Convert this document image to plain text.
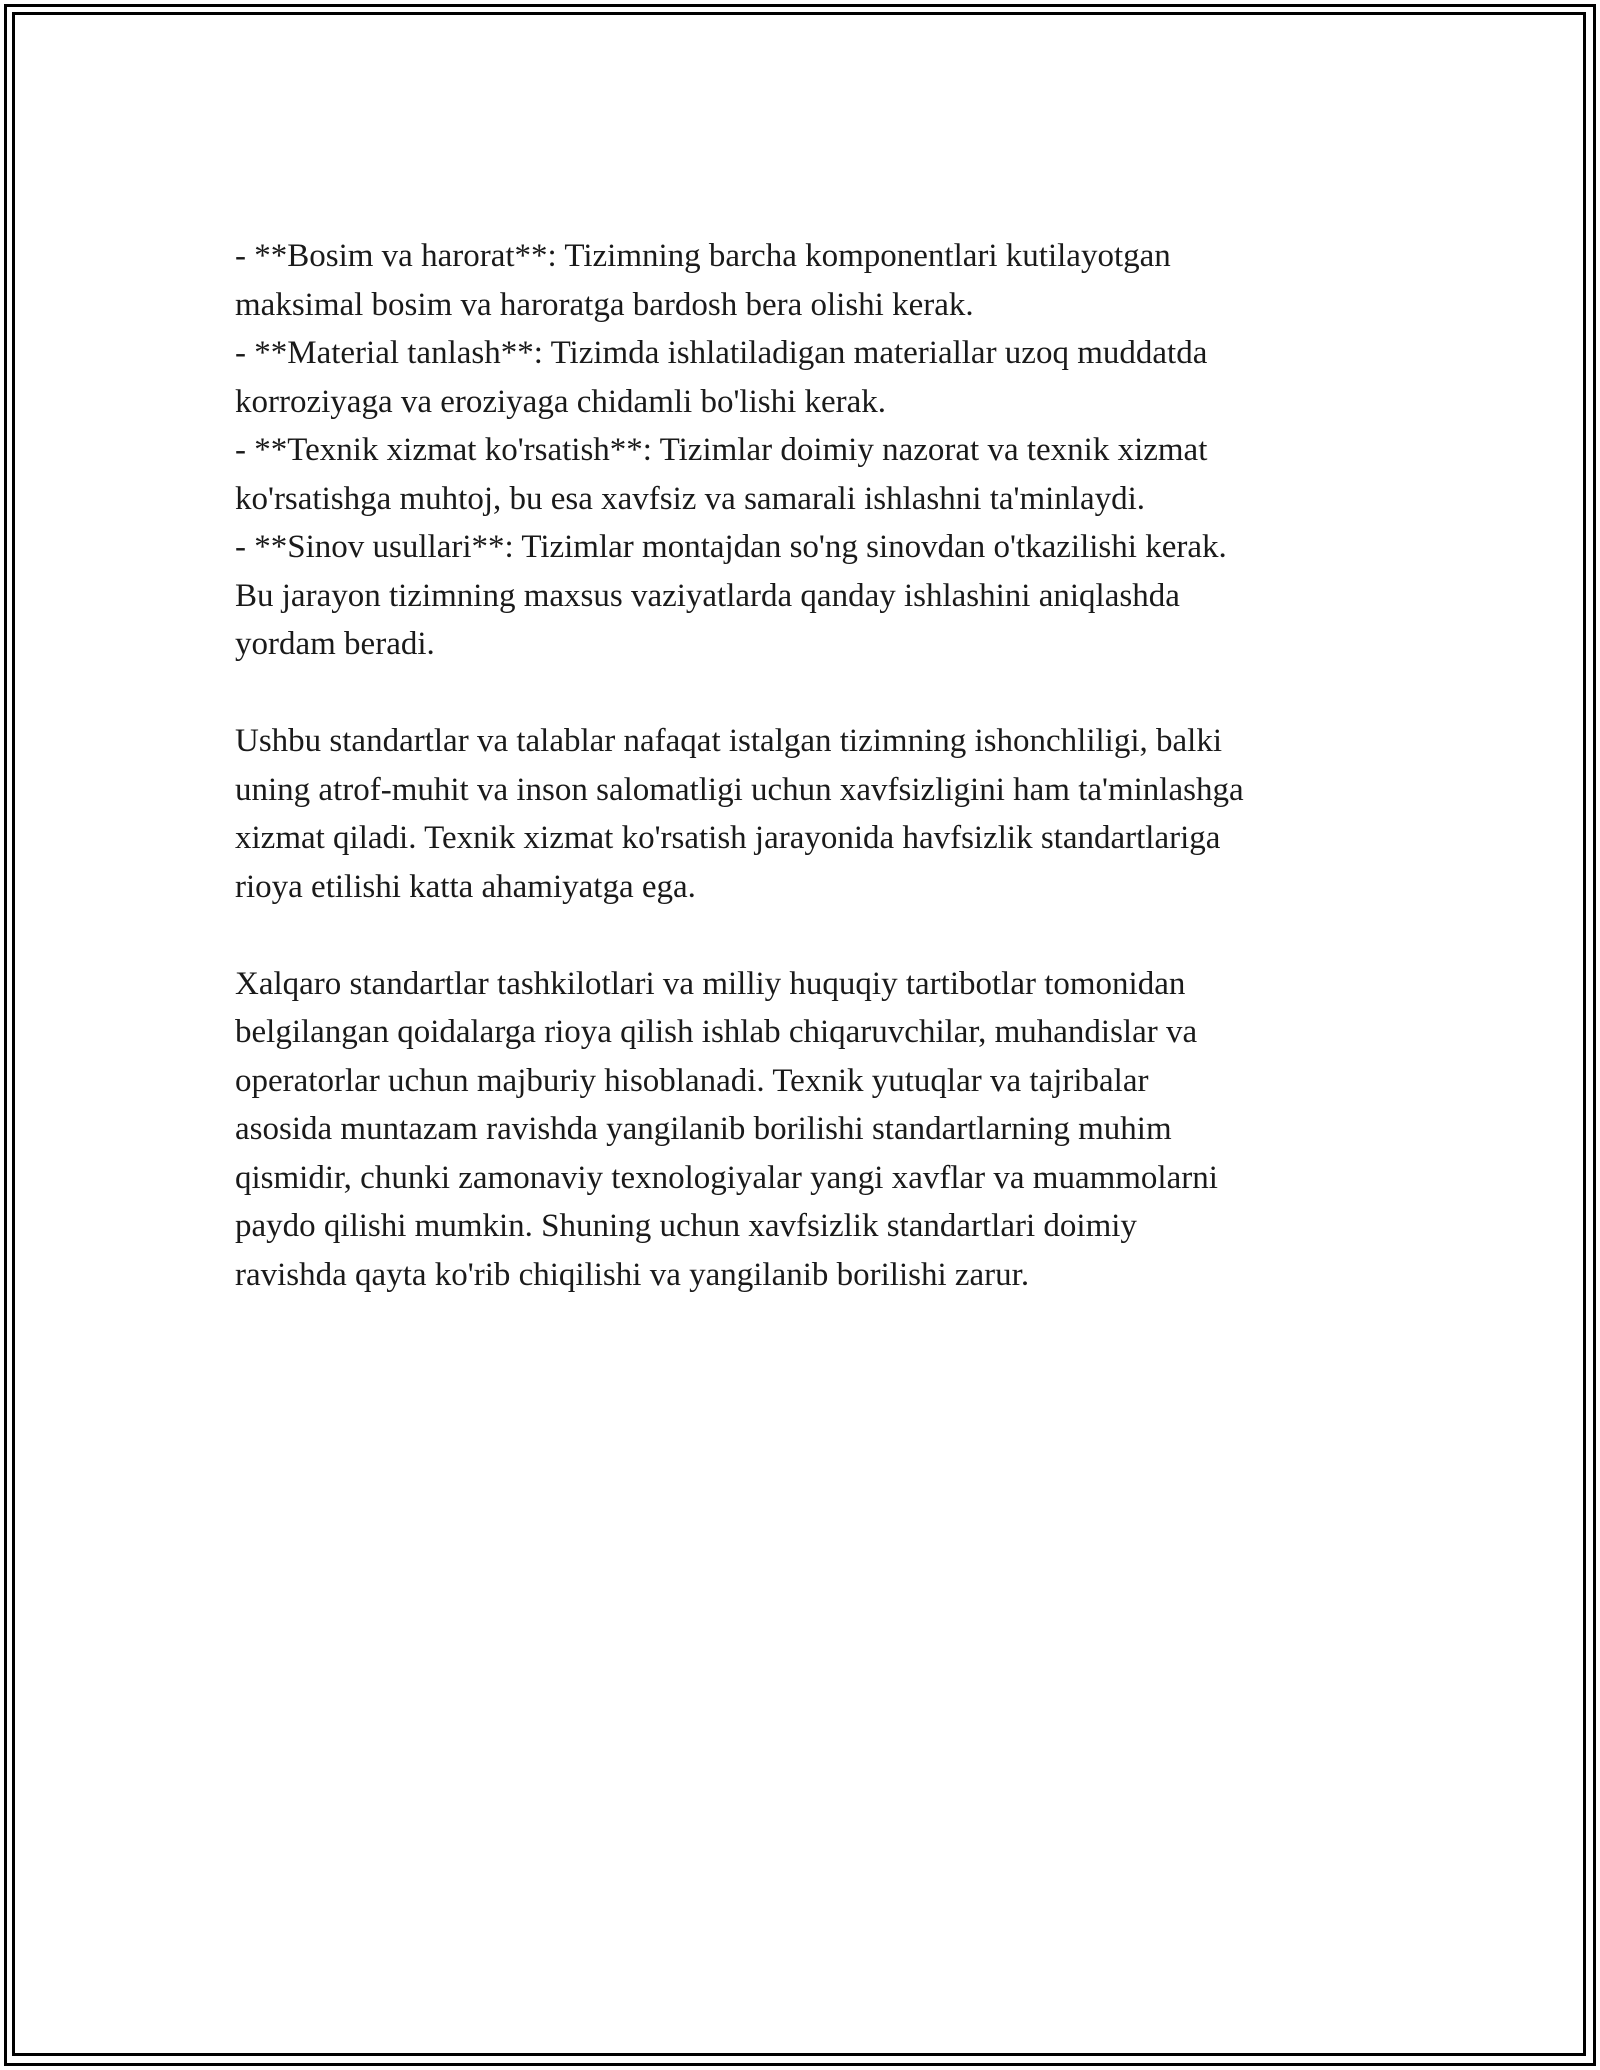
- **Bosim va harorat**: Tizimning barcha komponentlari kutilayotgan

maksimal bosim va haroratga bardosh bera olishi kerak.

- **Material tanlash**: Tizimda ishlatiladigan materiallar uzoq muddatda

korroziyaga va eroziyaga chidamli bo'lishi kerak.

- **Texnik xizmat ko'rsatish**: Tizimlar doimiy nazorat va texnik xizmat

ko'rsatishga muhtoj, bu esa xavfsiz va samarali ishlashni ta'minlaydi.

- **Sinov usullari**: Tizimlar montajdan so'ng sinovdan o'tkazilishi kerak.

Bu jarayon tizimning maxsus vaziyatlarda qanday ishlashini aniqlashda

yordam beradi.

Ushbu standartlar va talablar nafaqat istalgan tizimning ishonchliligi, balki

uning atrof-muhit va inson salomatligi uchun xavfsizligini ham ta'minlashga

xizmat qiladi. Texnik xizmat ko'rsatish jarayonida havfsizlik standartlariga

rioya etilishi katta ahamiyatga ega.

Xalqaro standartlar tashkilotlari va milliy huquqiy tartibotlar tomonidan

belgilangan qoidalarga rioya qilish ishlab chiqaruvchilar, muhandislar va

operatorlar uchun majburiy hisoblanadi. Texnik yutuqlar va tajribalar

asosida muntazam ravishda yangilanib borilishi standartlarning muhim

qismidir, chunki zamonaviy texnologiyalar yangi xavflar va muammolarni

paydo qilishi mumkin. Shuning uchun xavfsizlik standartlari doimiy

ravishda qayta ko'rib chiqilishi va yangilanib borilishi zarur.
